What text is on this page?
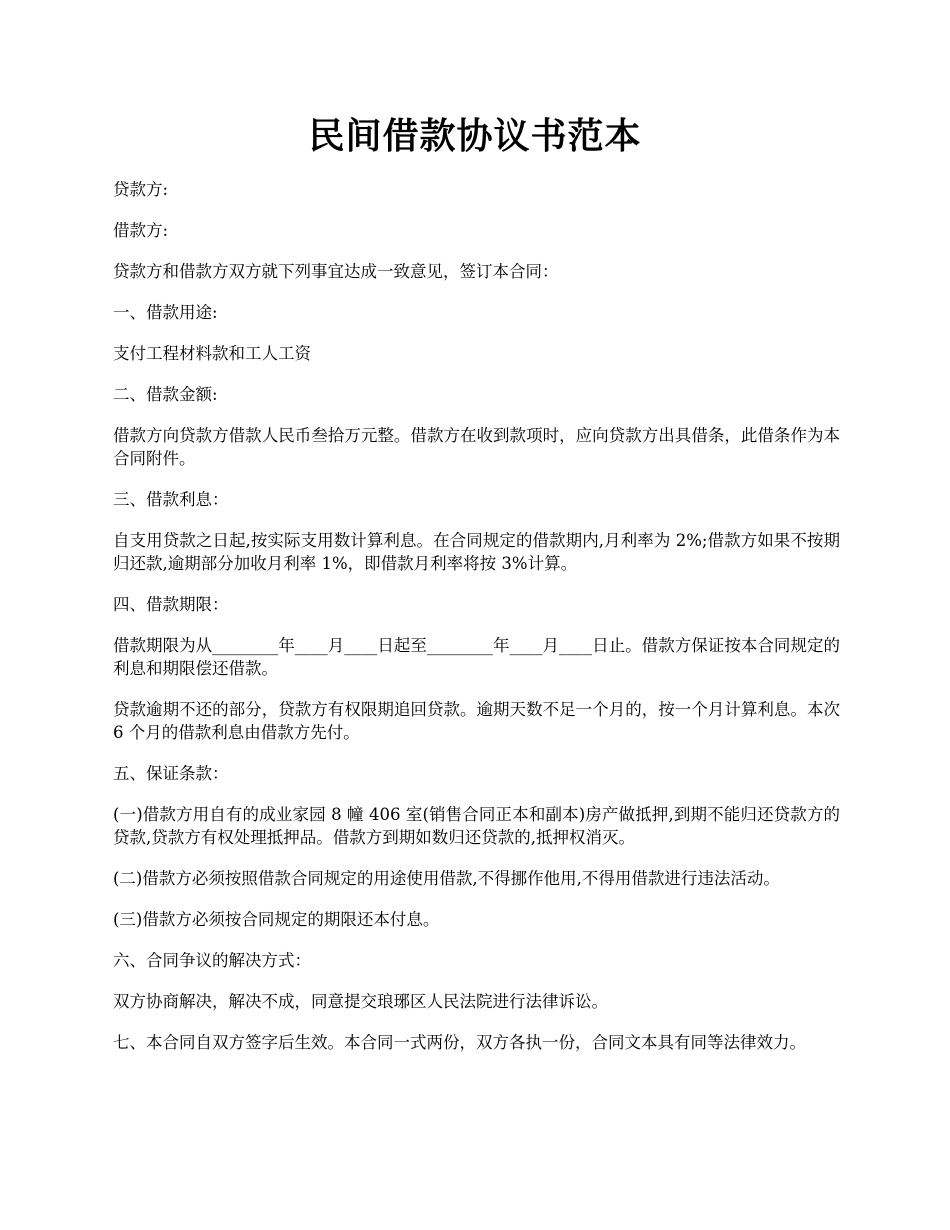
民间借款协议书范本

贷款方:

借款方:

贷款方和借款方双方就下列事宜达成一致意见，签订本合同：

一、借款用途:

支付工程材料款和工人工资

二、借款金额:

借款方向贷款方借款人民币叁拾万元整。借款方在收到款项时，应向贷款方出具借条，此借条作为本合同附件。

三、借款利息：

自支用贷款之日起,按实际支用数计算利息。在合同规定的借款期内,月利率为 2%;借款方如果不按期归还款,逾期部分加收月利率 1%，即借款月利率将按 3%计算。

四、借款期限：

借款期限为从________年____月____日起至________年____月____日止。借款方保证按本合同规定的利息和期限偿还借款。

贷款逾期不还的部分，贷款方有权限期追回贷款。逾期天数不足一个月的，按一个月计算利息。本次 6 个月的借款利息由借款方先付。

五、保证条款：

(一)借款方用自有的成业家园 8 幢 406 室(销售合同正本和副本)房产做抵押,到期不能归还贷款方的贷款,贷款方有权处理抵押品。借款方到期如数归还贷款的,抵押权消灭。

(二)借款方必须按照借款合同规定的用途使用借款,不得挪作他用,不得用借款进行违法活动。

(三)借款方必须按合同规定的期限还本付息。

六、合同争议的解决方式：

双方协商解决，解决不成，同意提交琅琊区人民法院进行法律诉讼。

七、本合同自双方签字后生效。本合同一式两份，双方各执一份，合同文本具有同等法律效力。
